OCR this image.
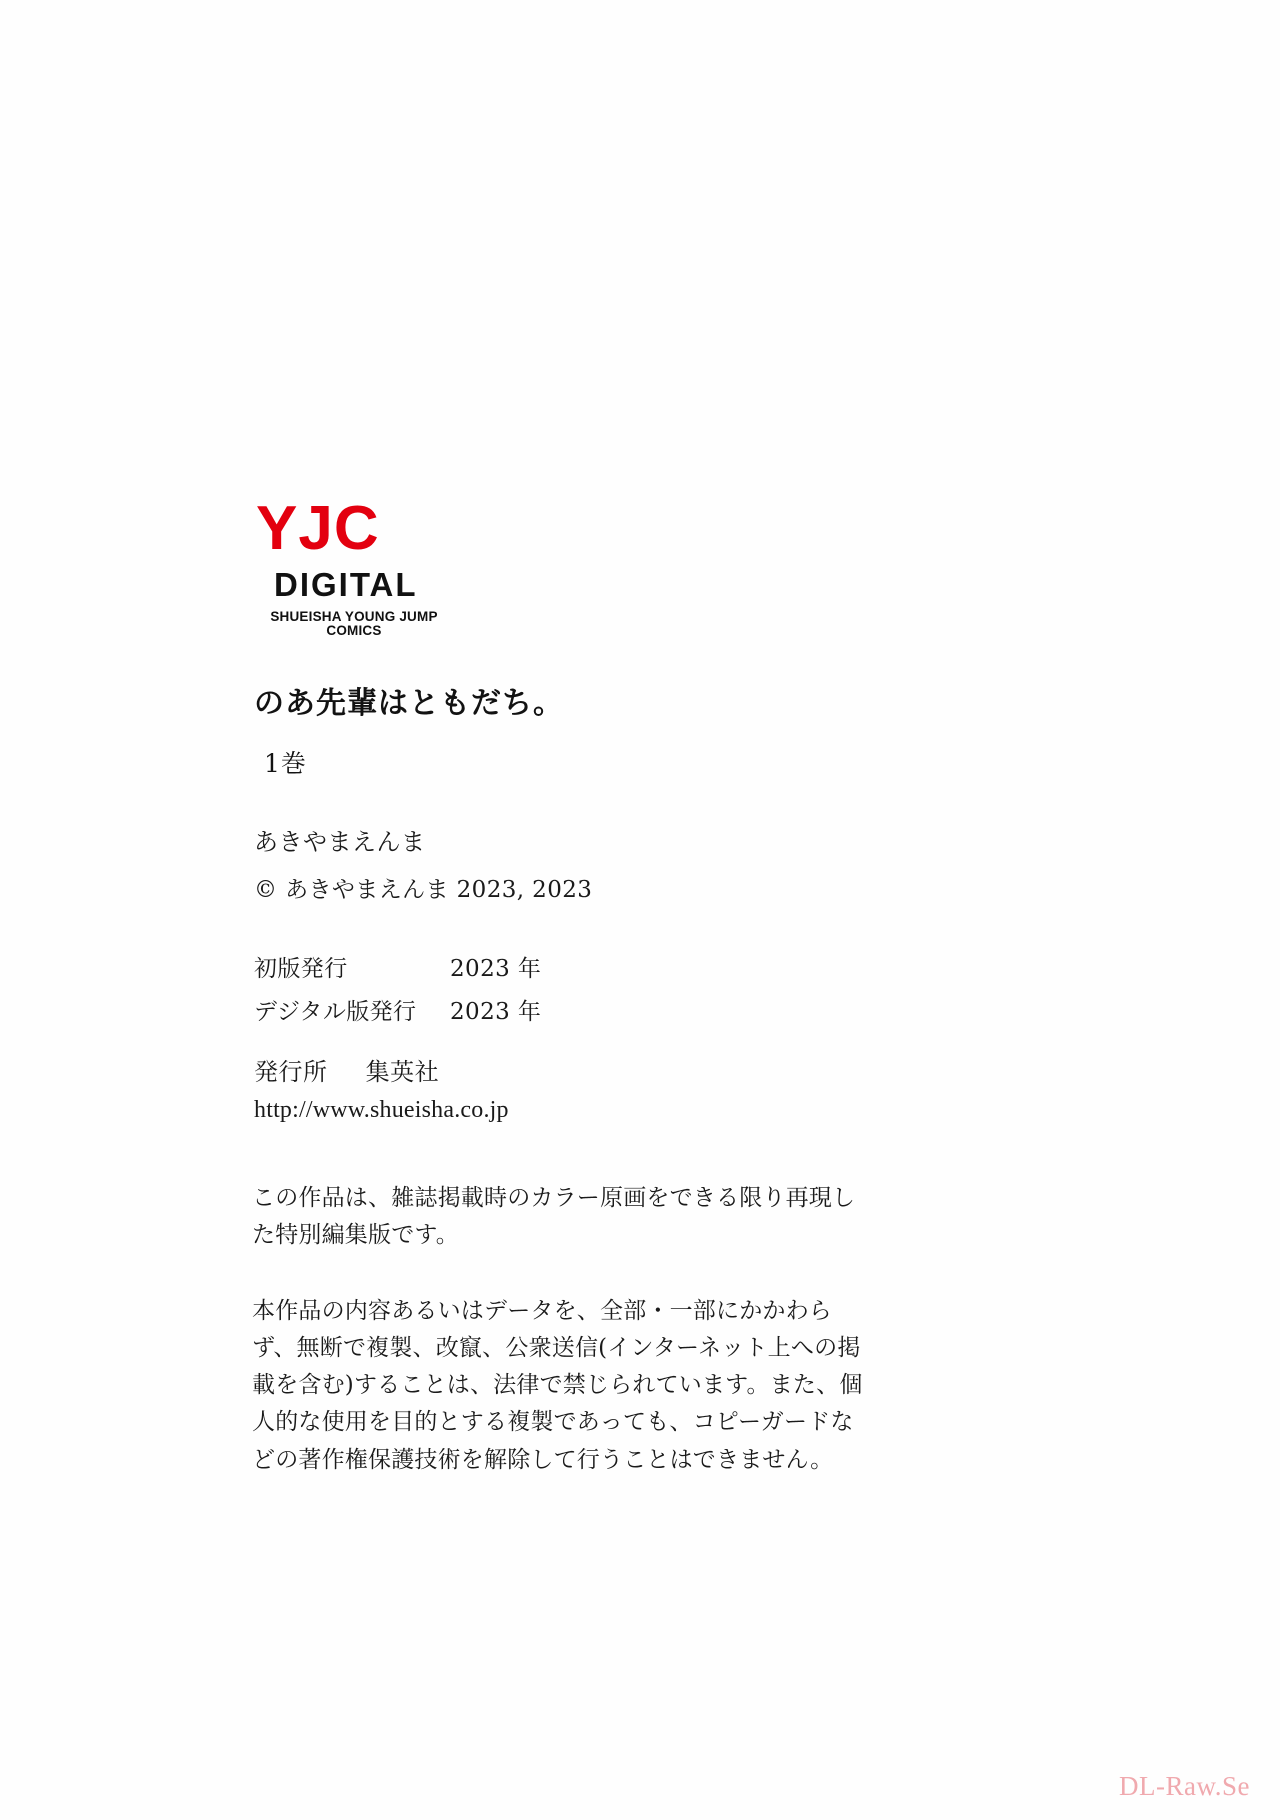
YJC
DIGITAL
SHUEISHA YOUNG JUMP COMICS
のあ先輩はともだち。
1巻
あきやまえんま
© あきやまえんま 2023, 2023
初版発行	2023 年
デジタル版発行	2023 年
発行所 集英社
http://www.shueisha.co.jp

この作品は、雑誌掲載時のカラー原画をできる限り再現した特別編集版です。

本作品の内容あるいはデータを、全部・一部にかかわらず、無断で複製、改竄、公衆送信(インターネット上への掲載を含む)することは、法律で禁じられています。また、個人的な使用を目的とする複製であっても、コピーガードなどの著作権保護技術を解除して行うことはできません。

DL-Raw.Se
